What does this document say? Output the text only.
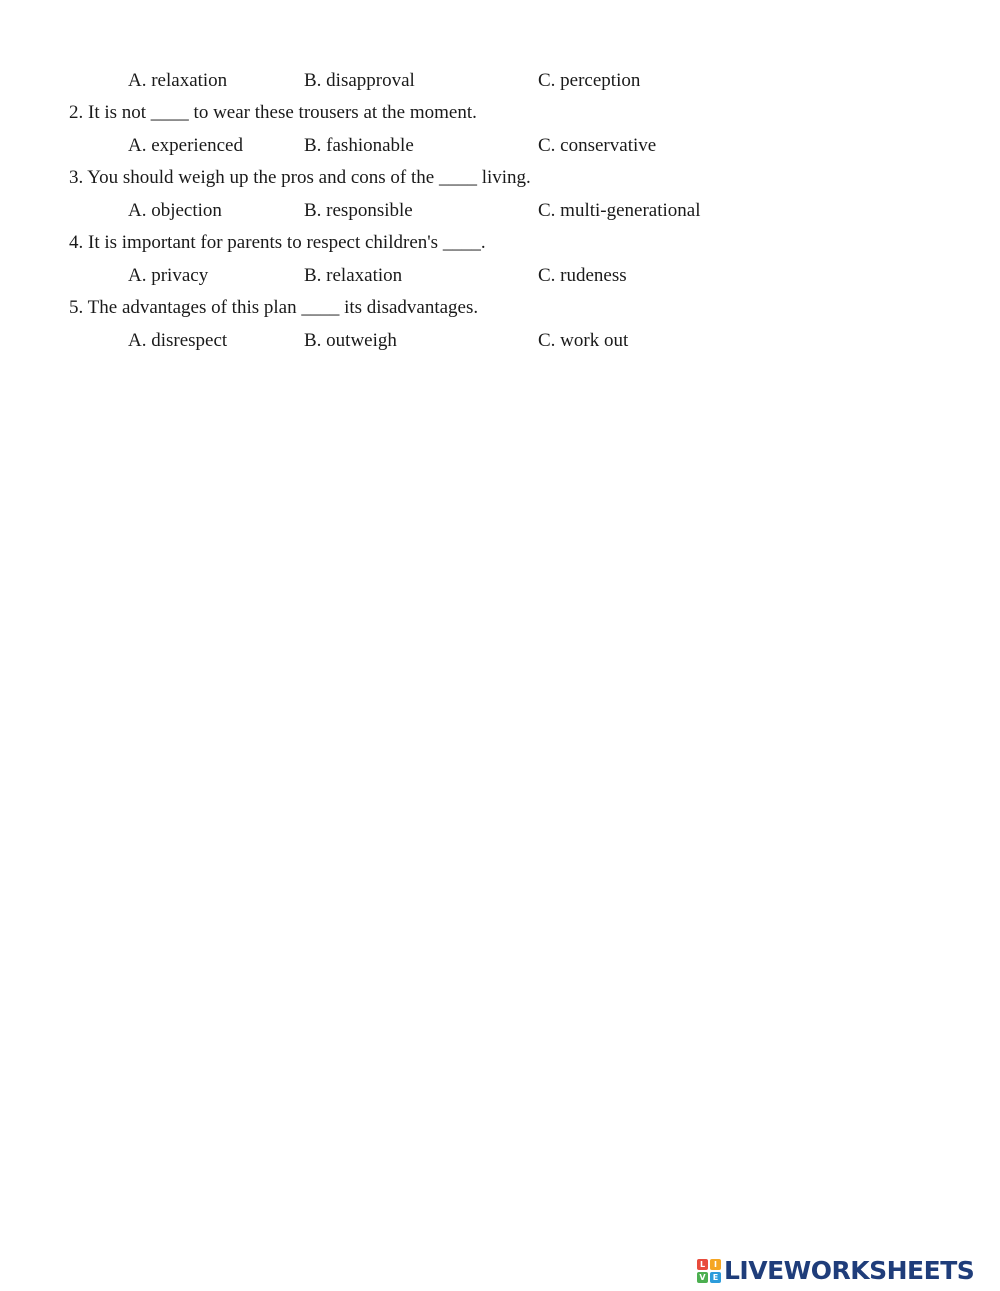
A. relaxation	B. disapproval	C. perception
2. It is not ____ to wear these trousers at the moment.
A. experienced	B. fashionable	C. conservative
3. You should weigh up the pros and cons of the ____ living.
A. objection	B. responsible	C. multi-generational
4. It is important for parents to respect children's ____.
A. privacy	B. relaxation	C. rudeness
5. The advantages of this plan ____ its disadvantages.
A. disrespect	B. outweigh	C. work out
L	I
V E LIVEWORKSHEETS
